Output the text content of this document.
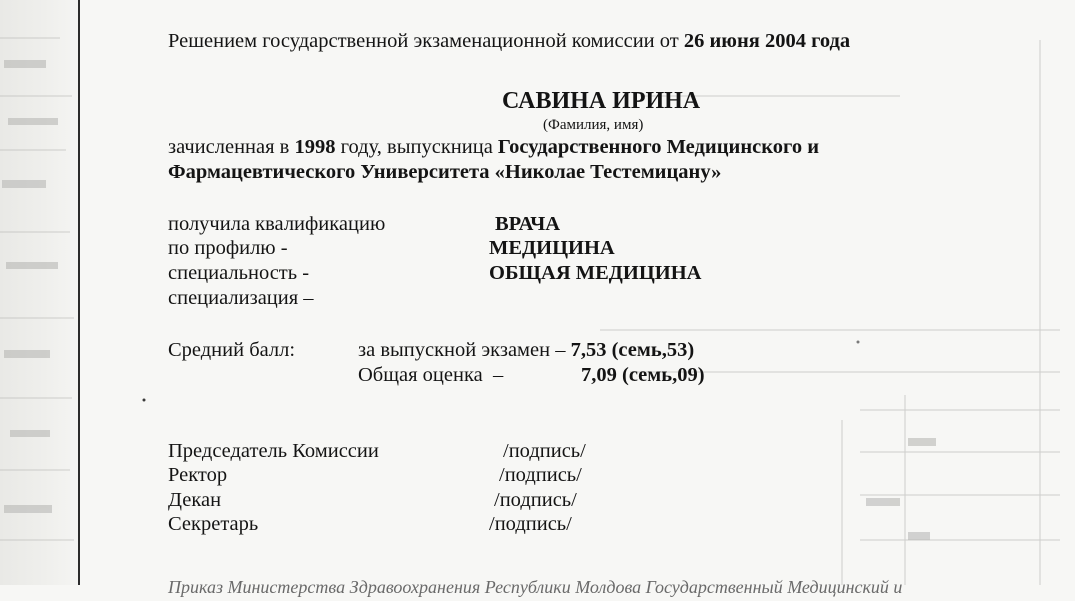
Решением государственной экзаменационной комиссии от 26 июня 2004 года
САВИНА ИРИНА
(Фамилия, имя)
зачисленная в 1998 году, выпускница Государственного Медицинского и
Фармацевтического Университета «Николае Тестемицану»
получила квалификацию	ВРАЧА
по профилю -	МЕДИЦИНА
специальность -	ОБЩАЯ МЕДИЦИНА
специализация –
Средний балл:	за выпускной экзамен – 7,53 (семь,53)
Общая оценка  –	7,09 (семь,09)
Председатель Комиссии	/подпись/
Ректор	/подпись/
Декан	/подпись/
Секретарь	/подпись/
Приказ Министерства Здравоохранения Республики Молдова Государственный Медицинский и
